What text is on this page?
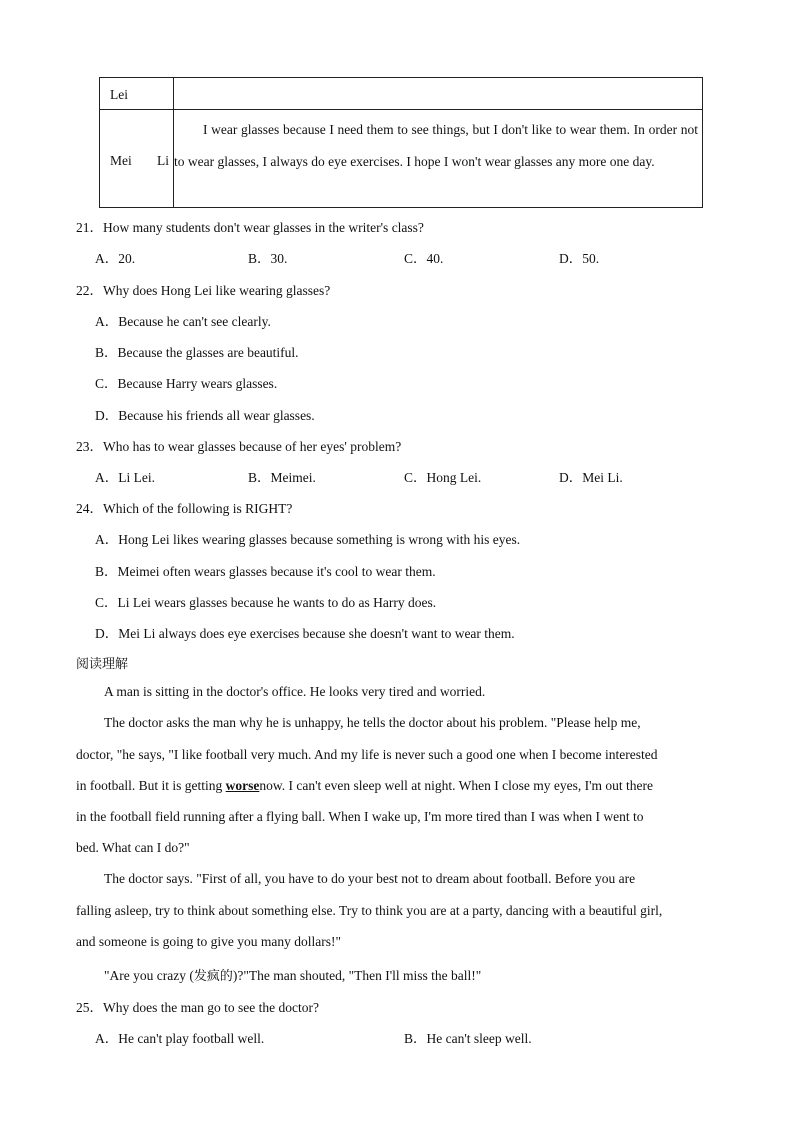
Lei	

Mei Li	I wear glasses because I need them to see things, but I don't like to wear them. In order not to wear glasses, I always do eye exercises. I hope I won't wear glasses any more one day.
21．How many students don't wear glasses in the writer's class?
A．20.	B．30.	C．40.	D．50.
22．Why does Hong Lei like wearing glasses?
A．Because he can't see clearly.
B．Because the glasses are beautiful.
C．Because Harry wears glasses.
D．Because his friends all wear glasses.
23．Who has to wear glasses because of her eyes' problem?
A．Li Lei.	B．Meimei.	C．Hong Lei.	D．Mei Li.
24．Which of the following is RIGHT?
A．Hong Lei likes wearing glasses because something is wrong with his eyes.
B．Meimei often wears glasses because it's cool to wear them.
C．Li Lei wears glasses because he wants to do as Harry does.
D．Mei Li always does eye exercises because she doesn't want to wear them.
阅读理解
A man is sitting in the doctor's office. He looks very tired and worried.
The doctor asks the man why he is unhappy, he tells the doctor about his problem. "Please help me,
doctor, "he says, "I like football very much. And my life is never such a good one when I become interested
in football. But it is getting worsenow. I can't even sleep well at night. When I close my eyes, I'm out there
in the football field running after a flying ball. When I wake up, I'm more tired than I was when I went to
bed. What can I do?"
The doctor says. "First of all, you have to do your best not to dream about football. Before you are
falling asleep, try to think about something else. Try to think you are at a party, dancing with a beautiful girl,
and someone is going to give you many dollars!"
"Are you crazy (发疯的)?"The man shouted, "Then I'll miss the ball!"
25．Why does the man go to see the doctor?
A．He can't play football well.	B．He can't sleep well.
